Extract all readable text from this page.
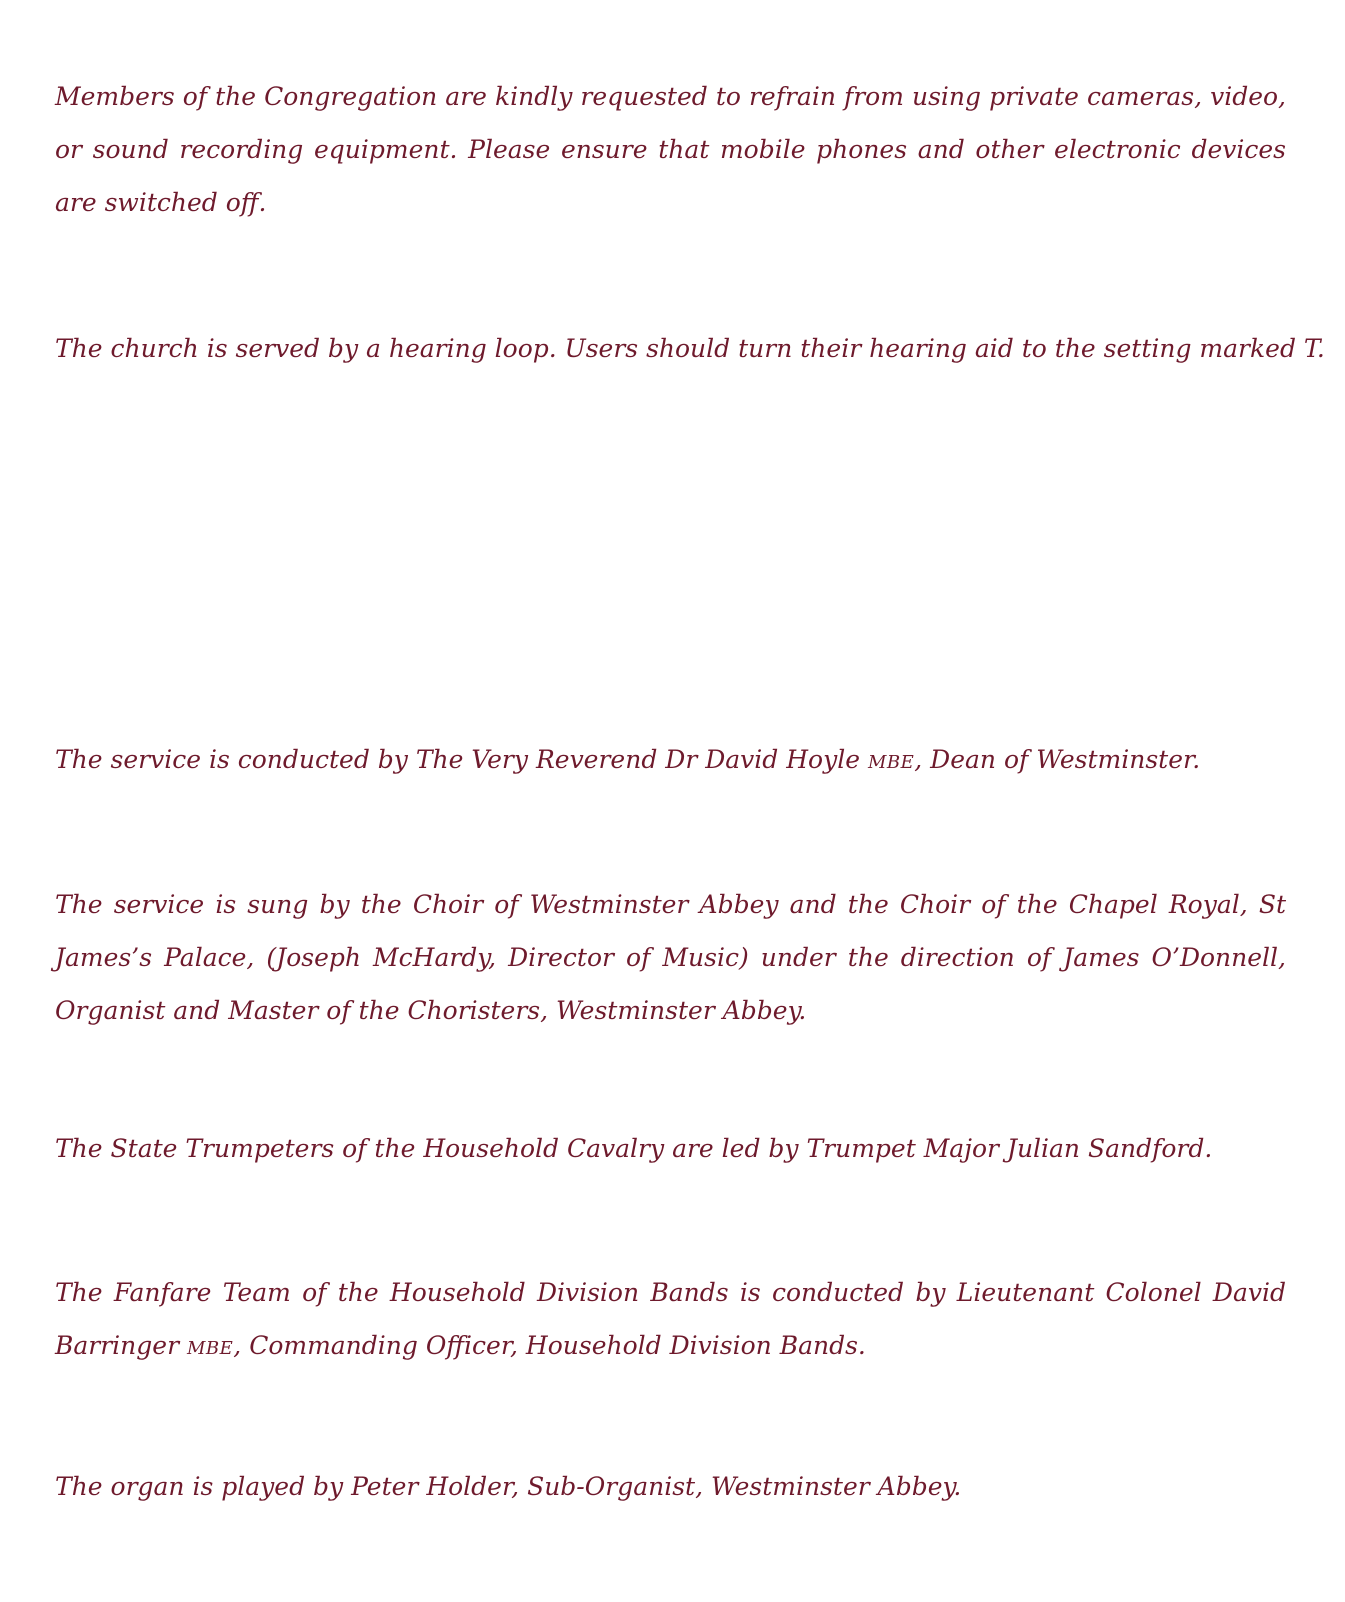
Members of the Congregation are kindly requested to refrain from using private cameras, video, or sound recording equipment. Please ensure that mobile phones and other electronic devices are switched off.

The church is served by a hearing loop. Users should turn their hearing aid to the setting marked T.

The service is conducted by The Very Reverend Dr David Hoyle MBE, Dean of Westminster.

The service is sung by the Choir of Westminster Abbey and the Choir of the Chapel Royal, St James’s Palace, (Joseph McHardy, Director of Music) under the direction of James O’Donnell, Organist and Master of the Choristers, Westminster Abbey.

The State Trumpeters of the Household Cavalry are led by Trumpet Major Julian Sandford.

The Fanfare Team of the Household Division Bands is conducted by Lieutenant Colonel David Barringer MBE, Commanding Officer, Household Division Bands.

The organ is played by Peter Holder, Sub-Organist, Westminster Abbey.
